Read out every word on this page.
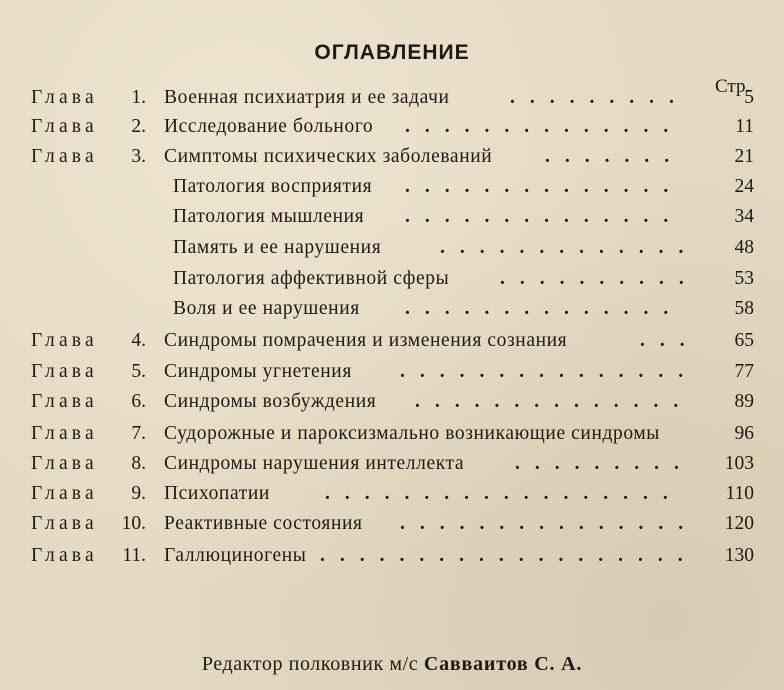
ОГЛАВЛЕНИЕ
Стр.
Глава	1. Военная психиатрия и ее задачи	.........	5
Глава	2. Исследование больного ..............	11
Глава	3. Симптомы психических заболеваний	.......	21
Патология восприятия ..............	24
Патология мышления ..............	34
Память и ее нарушения	............. 48
Патология аффективной сферы	.......... 53
Воля и ее нарушения ..............	58
Глава	4. Синдромы помрачения и изменения сознания	... 65
Глава	5. Синдромы угнетения ............... 77
Глава	6. Синдромы возбуждения ..............	89
Глава	7. Судорожные и пароксизмально возникающие синдромы	96
Глава	8. Синдромы нарушения интеллекта	.........	103
Глава	9. Психопатии	..................	110
Глава	10. Реактивные состояния ............... 120
Глава	11. Галлюциногены ................... 130
Редактор полковник м/с Савваитов С. А.
